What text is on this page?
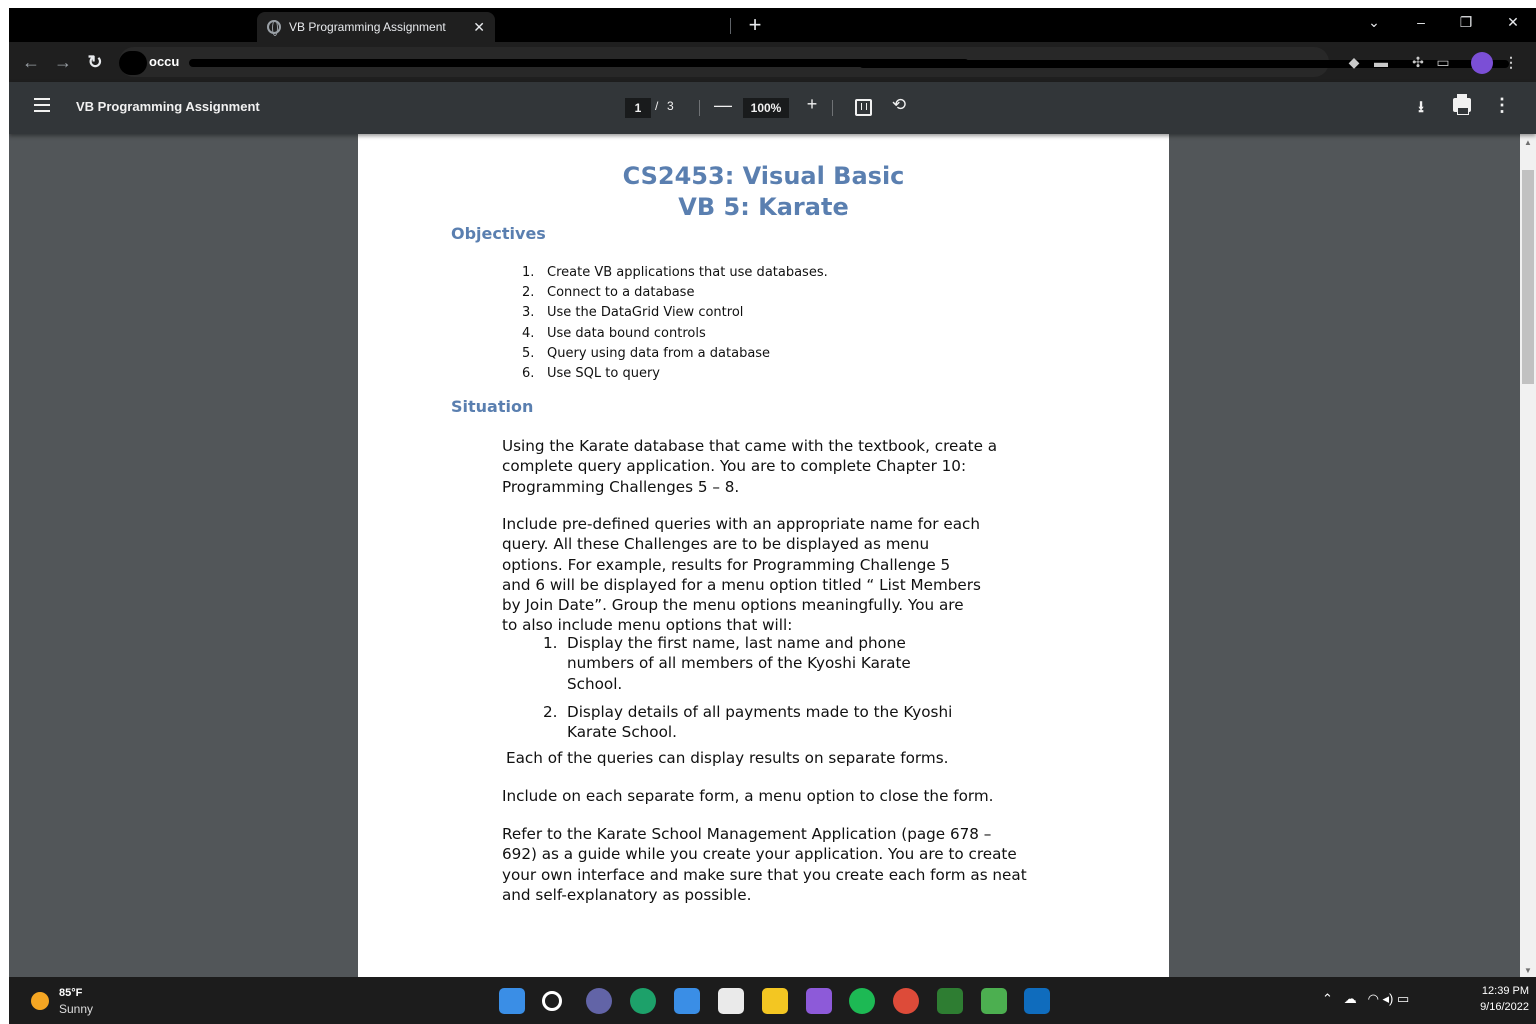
VB Programming Assignment	✕	+	⌄	–	❐	✕
← → ↻	occu	◆ ▬ ✣ ▭	⋮
VB Programming Assignment	1	/ 3 —	100%	+	⟲	⭳	⋮
CS2453: Visual Basic
VB 5: Karate
Objectives
1. Create VB applications that use databases.
2. Connect to a database
3. Use the DataGrid View control
4. Use data bound controls
5. Query using data from a database
6. Use SQL to query
Situation
Using the Karate database that came with the textbook, create a complete query application. You are to complete Chapter 10: Programming Challenges 5 – 8.
Include pre-defined queries with an appropriate name for each query. All these Challenges are to be displayed as menu options. For example, results for Programming Challenge 5 and 6 will be displayed for a menu option titled “ List Members by Join Date”. Group the menu options meaningfully. You are to also include menu options that will:
1. Display the first name, last name and phone numbers of all members of the Kyoshi Karate School.
2. Display details of all payments made to the Kyoshi Karate School.
Each of the queries can display results on separate forms.
Include on each separate form, a menu option to close the form.
Refer to the Karate School Management Application (page 678 – 692) as a guide while you create your application. You are to create your own interface and make sure that you create each form as neat and self-explanatory as possible.
▲
▼
85°F
Sunny
⌃   ☁   ◠ ◂) ▭	12:39 PM
9/16/2022
